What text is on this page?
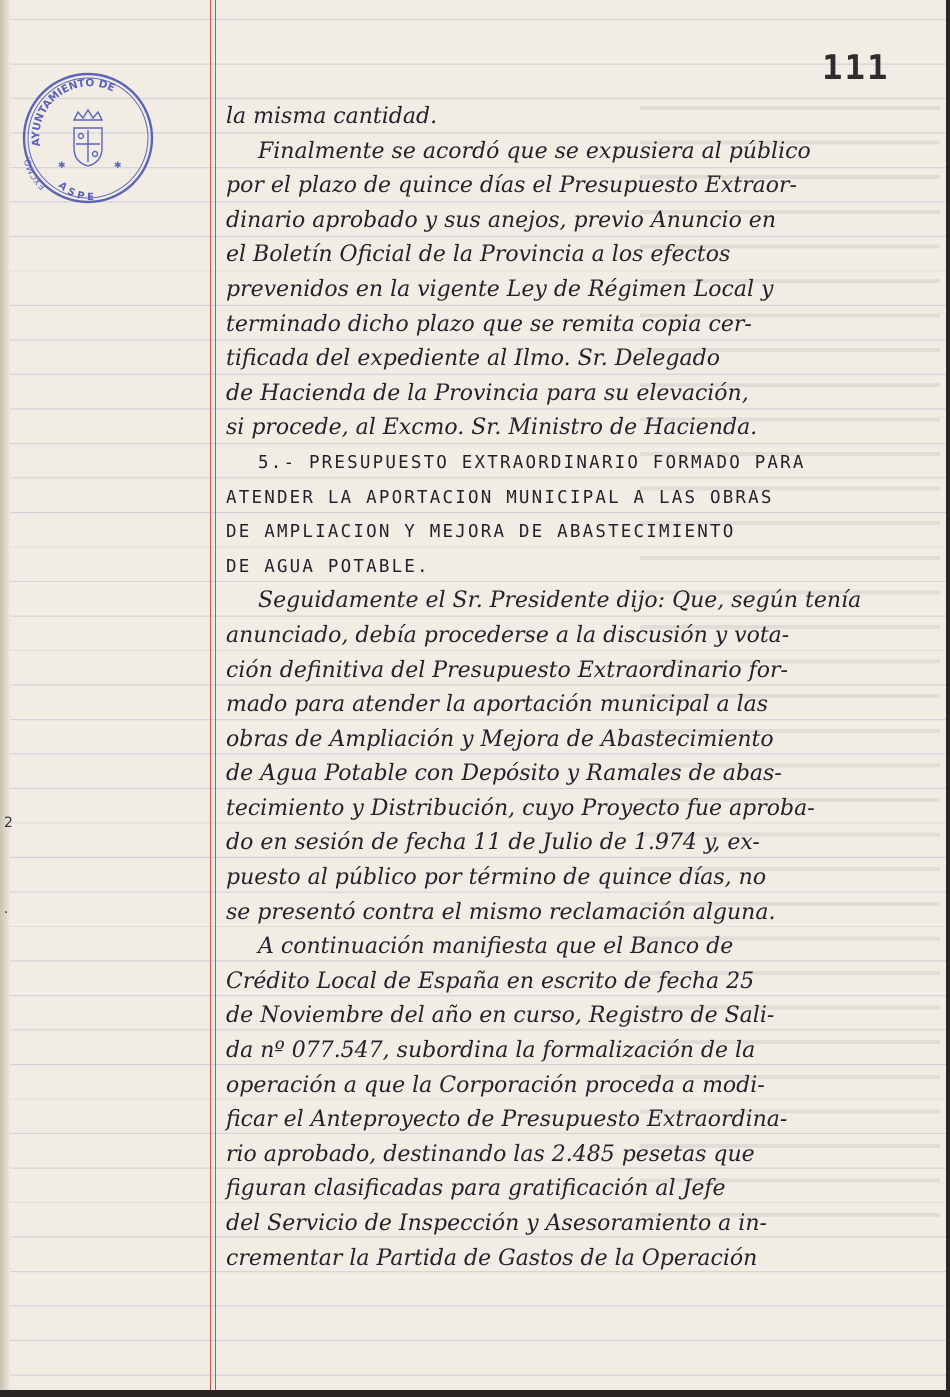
111
AYUNTAMIENTO DE
EXCMO.
A S P E
✱	✱
2
·
la misma cantidad.
Finalmente se acordó que se expusiera al público
por el plazo de quince días el Presupuesto Extraor-
dinario aprobado y sus anejos, previo Anuncio en
el Boletín Oficial de la Provincia a los efectos
prevenidos en la vigente Ley de Régimen Local y
terminado dicho plazo que se remita copia cer-
tificada del expediente al Ilmo. Sr. Delegado
de Hacienda de la Provincia para su elevación,
si procede, al Excmo. Sr. Ministro de Hacienda.
5.- PRESUPUESTO EXTRAORDINARIO FORMADO PARA
ATENDER LA APORTACION MUNICIPAL A LAS OBRAS
DE AMPLIACION Y MEJORA DE ABASTECIMIENTO
DE AGUA POTABLE.
Seguidamente el Sr. Presidente dijo: Que, según tenía
anunciado, debía procederse a la discusión y vota-
ción definitiva del Presupuesto Extraordinario for-
mado para atender la aportación municipal a las
obras de Ampliación y Mejora de Abastecimiento
de Agua Potable con Depósito y Ramales de abas-
tecimiento y Distribución, cuyo Proyecto fue aproba-
do en sesión de fecha 11 de Julio de 1.974 y, ex-
puesto al público por término de quince días, no
se presentó contra el mismo reclamación alguna.
A continuación manifiesta que el Banco de
Crédito Local de España en escrito de fecha 25
de Noviembre del año en curso, Registro de Sali-
da nº 077.547, subordina la formalización de la
operación a que la Corporación proceda a modi-
ficar el Anteproyecto de Presupuesto Extraordina-
rio aprobado, destinando las 2.485 pesetas que
figuran clasificadas para gratificación al Jefe
del Servicio de Inspección y Asesoramiento a in-
crementar la Partida de Gastos de la Operación
